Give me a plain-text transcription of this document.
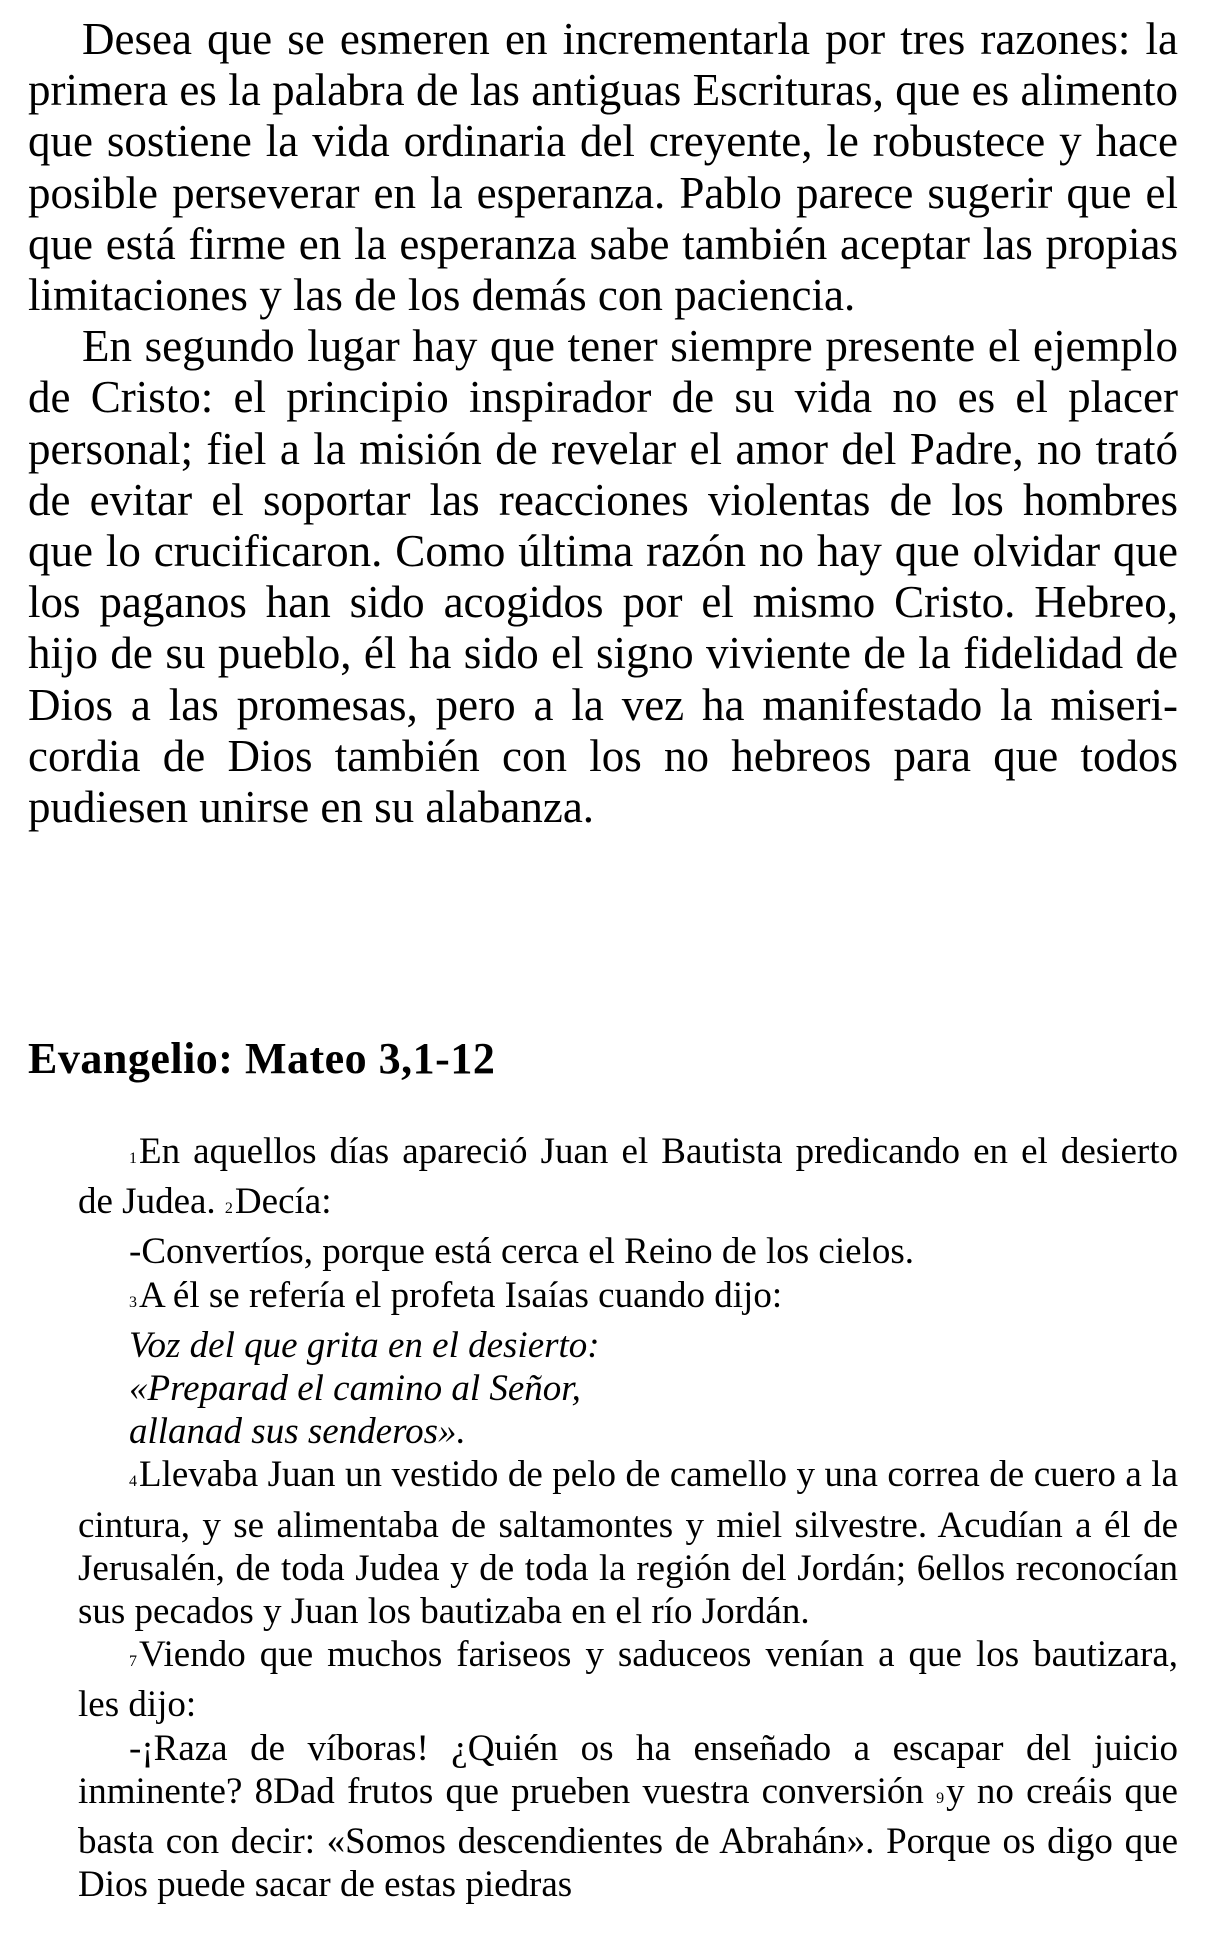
Desea que se esmeren en incrementarla por tres razones: la primera es la palabra de las antiguas Escrituras, que es alimento que sostiene la vida ordinaria del creyente, le robustece y hace posible perseverar en la esperanza. Pablo parece sugerir que el que está firme en la esperanza sabe también aceptar las propias limitaciones y las de los demás con paciencia.

En segundo lugar hay que tener siempre presente el ejemplo de Cristo: el principio inspirador de su vida no es el placer personal; fiel a la misión de revelar el amor del Padre, no trató de evitar el soportar las reacciones violentas de los hombres que lo crucificaron. Como última razón no hay que olvidar que los paganos han sido acogidos por el mismo Cristo. Hebreo, hijo de su pueblo, él ha sido el signo viviente de la fidelidad de Dios a las promesas, pero a la vez ha manifestado la misericordia de Dios también con los no hebreos para que todos pudiesen unirse en su alabanza.

Evangelio: Mateo 3,1-12

1En aquellos días apareció Juan el Bautista predicando en el desierto de Judea. 2Decía:

-Convertíos, porque está cerca el Reino de los cielos.

3A él se refería el profeta Isaías cuando dijo:

Voz del que grita en el desierto:

«Preparad el camino al Señor,

allanad sus senderos».

4Llevaba Juan un vestido de pelo de camello y una correa de cuero a la cintura, y se alimentaba de saltamontes y miel silvestre. Acudían a él de Jerusalén, de toda Judea y de toda la región del Jordán; 6ellos reconocían sus pecados y Juan los bautizaba en el río Jordán.

7Viendo que muchos fariseos y saduceos venían a que los bautizara, les dijo:

-¡Raza de víboras! ¿Quién os ha enseñado a escapar del juicio inminente? 8Dad frutos que prueben vuestra conversión 9y no creáis que basta con decir: «Somos descendientes de Abrahán». Porque os digo que Dios puede sacar de estas piedras
